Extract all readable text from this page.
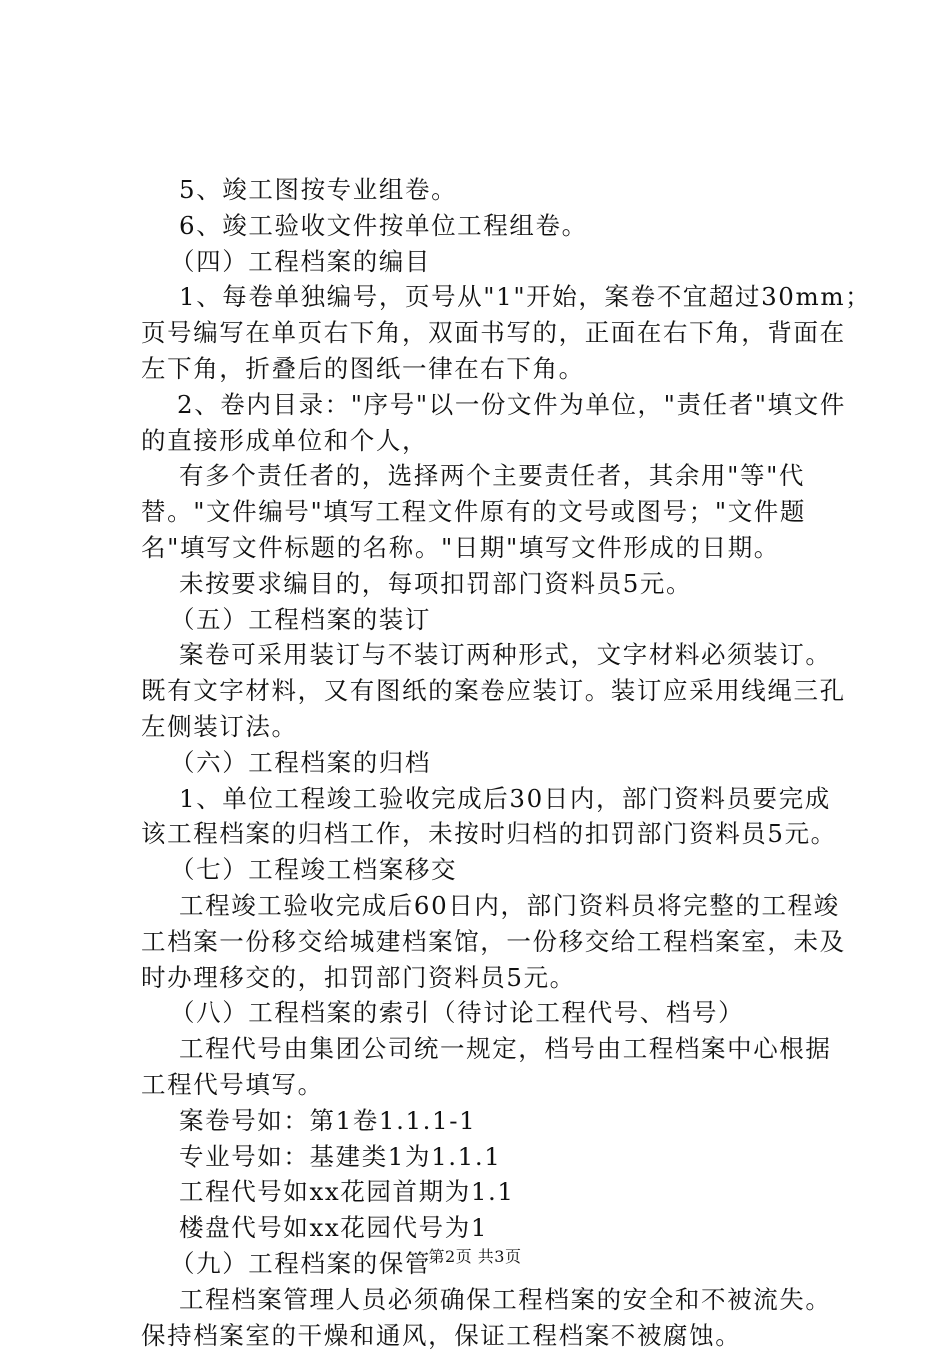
5、竣工图按专业组卷。
6、竣工验收文件按单位工程组卷。
（四）工程档案的编目
1、每卷单独编号，页号从"1"开始，案卷不宜超过30mm；
页号编写在单页右下角，双面书写的，正面在右下角，背面在
左下角，折叠后的图纸一律在右下角。
2、卷内目录："序号"以一份文件为单位，"责任者"填文件
的直接形成单位和个人，
有多个责任者的，选择两个主要责任者，其余用"等"代
替。"文件编号"填写工程文件原有的文号或图号；"文件题
名"填写文件标题的名称。"日期"填写文件形成的日期。
未按要求编目的，每项扣罚部门资料员5元。
（五）工程档案的装订
案卷可采用装订与不装订两种形式，文字材料必须装订。
既有文字材料，又有图纸的案卷应装订。装订应采用线绳三孔
左侧装订法。
（六）工程档案的归档
1、单位工程竣工验收完成后30日内，部门资料员要完成
该工程档案的归档工作，未按时归档的扣罚部门资料员5元。
（七）工程竣工档案移交
工程竣工验收完成后60日内，部门资料员将完整的工程竣
工档案一份移交给城建档案馆，一份移交给工程档案室，未及
时办理移交的，扣罚部门资料员5元。
（八）工程档案的索引（待讨论工程代号、档号）
工程代号由集团公司统一规定，档号由工程档案中心根据
工程代号填写。
案卷号如：第1卷1.1.1-1
专业号如：基建类1为1.1.1
工程代号如xx花园首期为1.1
楼盘代号如xx花园代号为1
（九）工程档案的保管
工程档案管理人员必须确保工程档案的安全和不被流失。
保持档案室的干燥和通风，保证工程档案不被腐蚀。
第2页 共3页
